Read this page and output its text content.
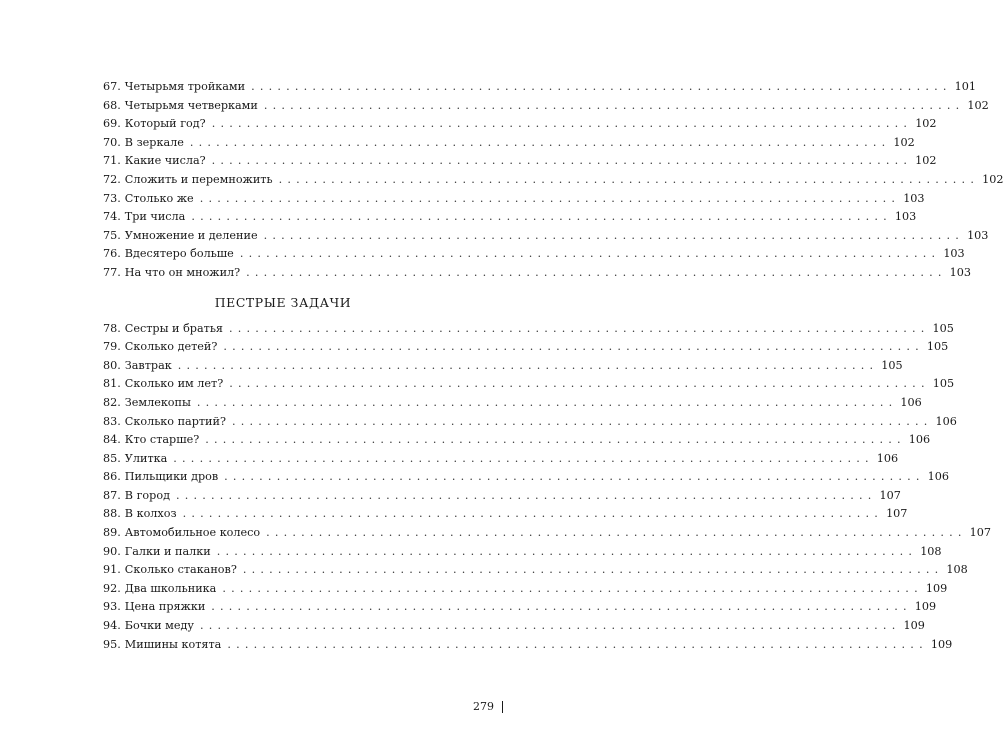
67. Четырьмя тройками ................................................................................ 101
68. Четырьмя четверками ................................................................................ 102
69. Который год? ................................................................................ 102
70. В зеркале ................................................................................ 102
71. Какие числа? ................................................................................ 102
72. Сложить и перемножить ................................................................................ 102
73. Столько же ................................................................................ 103
74. Три числа ................................................................................ 103
75. Умножение и деление ................................................................................ 103
76. Вдесятеро больше ................................................................................ 103
77. На что он множил? ................................................................................ 103
ПЕСТРЫЕ ЗАДАЧИ
78. Сестры и братья ................................................................................ 105
79. Сколько детей? ................................................................................ 105
80. Завтрак ................................................................................ 105
81. Сколько им лет? ................................................................................ 105
82. Землекопы ................................................................................ 106
83. Сколько партий? ................................................................................ 106
84. Кто старше? ................................................................................ 106
85. Улитка ................................................................................ 106
86. Пильщики дров ................................................................................ 106
87. В город ................................................................................ 107
88. В колхоз ................................................................................ 107
89. Автомобильное колесо ................................................................................ 107
90. Галки и палки ................................................................................ 108
91. Сколько стаканов? ................................................................................ 108
92. Два школьника ................................................................................ 109
93. Цена пряжки ................................................................................ 109
94. Бочки меду ................................................................................ 109
95. Мишины котята ................................................................................ 109
279
